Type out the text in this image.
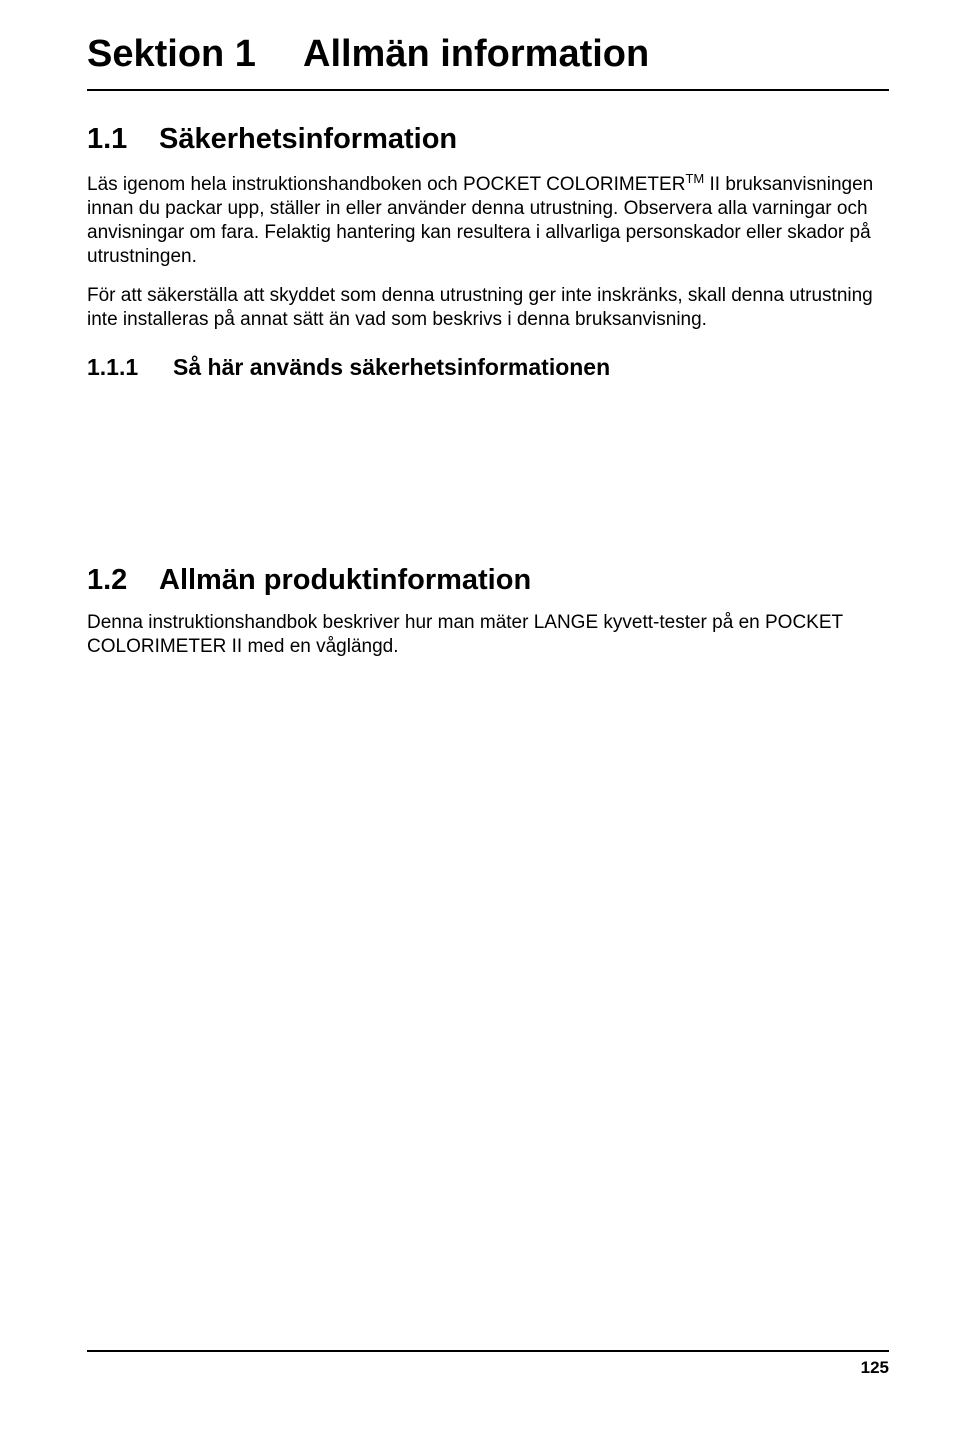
Sektion 1 Allmän information
1.1 Säkerhetsinformation

Läs igenom hela instruktionshandboken och POCKET COLORIMETER™ II bruksanvisningen innan du packar upp, ställer in eller använder denna utrustning. Observera alla varningar och anvisningar om fara. Felaktig hantering kan resultera i allvarliga personskador eller skador på utrustningen.

För att säkerställa att skyddet som denna utrustning ger inte inskränks, skall denna utrustning inte installeras på annat sätt än vad som beskrivs i denna bruksanvisning.

1.1.1 Så här används säkerhetsinformationen
1.2 Allmän produktinformation

Denna instruktionshandbok beskriver hur man mäter LANGE kyvett-tester på en POCKET COLORIMETER II med en våglängd.

125
